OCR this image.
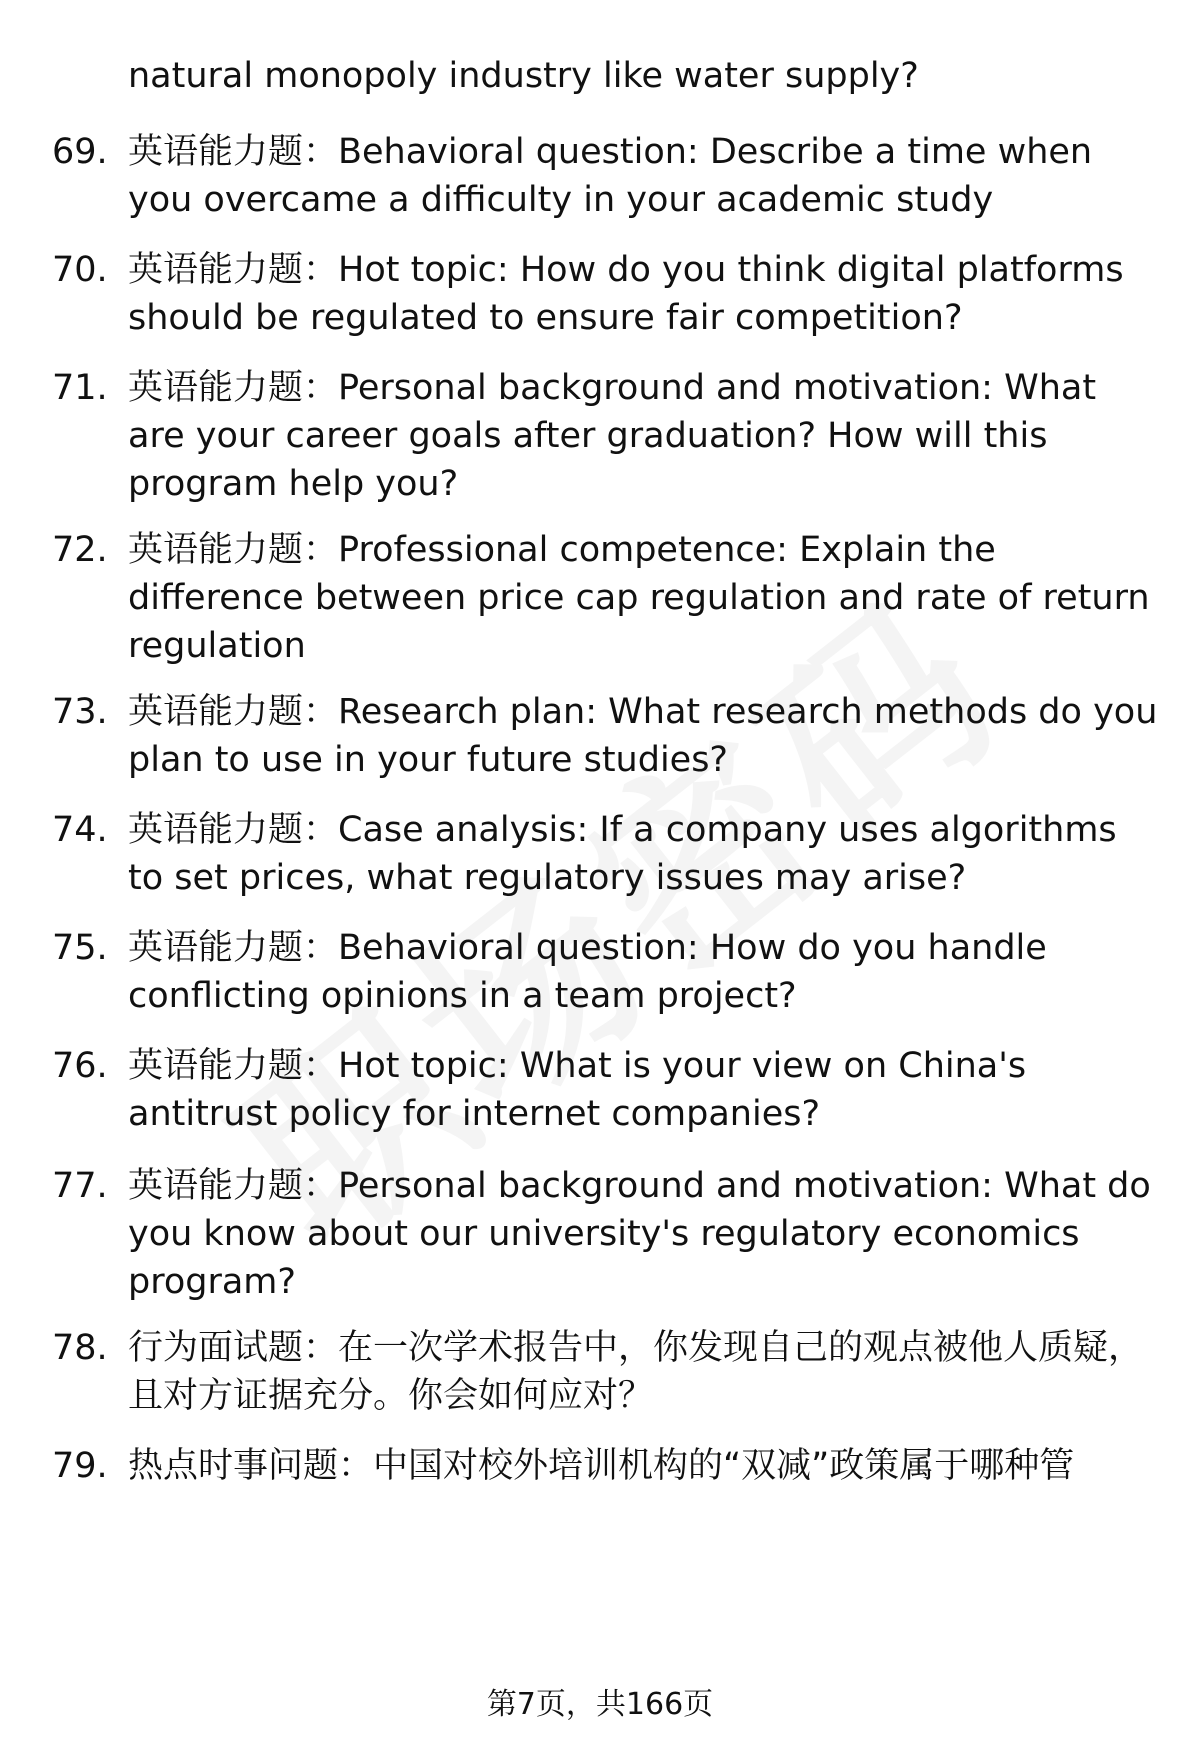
natural monopoly industry like water supply?
69. 英语能力题：Behavioral question: Describe a time when you overcame a difficulty in your academic study
70. 英语能力题：Hot topic: How do you think digital platforms should be regulated to ensure fair competition?
71. 英语能力题：Personal background and motivation: What are your career goals after graduation? How will this program help you?
72. 英语能力题：Professional competence: Explain the difference between price cap regulation and rate of return regulation
73. 英语能力题：Research plan: What research methods do you plan to use in your future studies?
74. 英语能力题：Case analysis: If a company uses algorithms to set prices, what regulatory issues may arise?
75. 英语能力题：Behavioral question: How do you handle conflicting opinions in a team project?
76. 英语能力题：Hot topic: What is your view on China's antitrust policy for internet companies?
77. 英语能力题：Personal background and motivation: What do you know about our university's regulatory economics program?
78. 行为面试题：在一次学术报告中，你发现自己的观点被他人质疑，且对方证据充分。你会如何应对？
79. 热点时事问题：中国对校外培训机构的“双减”政策属于哪种管
第7页，共166页
